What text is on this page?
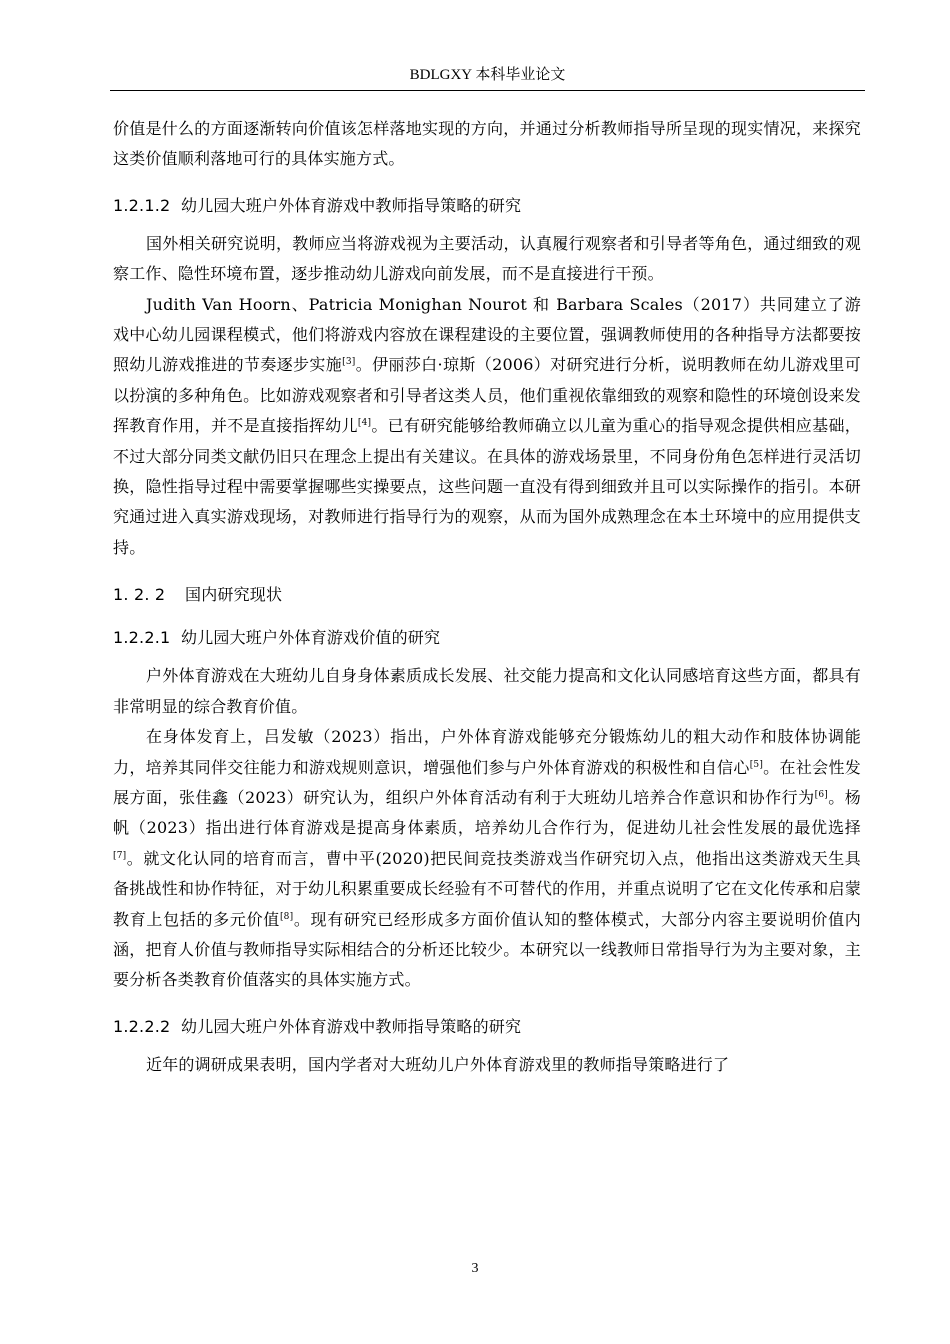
BDLGXY 本科毕业论文

价值是什么的方面逐渐转向价值该怎样落地实现的方向，并通过分析教师指导所呈现的现实情况，来探究这类价值顺利落地可行的具体实施方式。

1.2.1.2 幼儿园大班户外体育游戏中教师指导策略的研究

国外相关研究说明，教师应当将游戏视为主要活动，认真履行观察者和引导者等角色，通过细致的观察工作、隐性环境布置，逐步推动幼儿游戏向前发展，而不是直接进行干预。

Judith Van Hoorn、Patricia Monighan Nourot 和 Barbara Scales（2017）共同建立了游戏中心幼儿园课程模式，他们将游戏内容放在课程建设的主要位置，强调教师使用的各种指导方法都要按照幼儿游戏推进的节奏逐步实施[3]。伊丽莎白·琼斯（2006）对研究进行分析，说明教师在幼儿游戏里可以扮演的多种角色。比如游戏观察者和引导者这类人员，他们重视依靠细致的观察和隐性的环境创设来发挥教育作用，并不是直接指挥幼儿[4]。已有研究能够给教师确立以儿童为重心的指导观念提供相应基础，不过大部分同类文献仍旧只在理念上提出有关建议。在具体的游戏场景里，不同身份角色怎样进行灵活切换，隐性指导过程中需要掌握哪些实操要点，这些问题一直没有得到细致并且可以实际操作的指引。本研究通过进入真实游戏现场，对教师进行指导行为的观察，从而为国外成熟理念在本土环境中的应用提供支持。

1. 2. 2 国内研究现状
1.2.2.1 幼儿园大班户外体育游戏价值的研究

户外体育游戏在大班幼儿自身身体素质成长发展、社交能力提高和文化认同感培育这些方面，都具有非常明显的综合教育价值。

在身体发育上，吕发敏（2023）指出，户外体育游戏能够充分锻炼幼儿的粗大动作和肢体协调能力，培养其同伴交往能力和游戏规则意识，增强他们参与户外体育游戏的积极性和自信心[5]。在社会性发展方面，张佳鑫（2023）研究认为，组织户外体育活动有利于大班幼儿培养合作意识和协作行为[6]。杨帆（2023）指出进行体育游戏是提高身体素质，培养幼儿合作行为，促进幼儿社会性发展的最优选择[7]。就文化认同的培育而言，曹中平(2020)把民间竞技类游戏当作研究切入点，他指出这类游戏天生具备挑战性和协作特征，对于幼儿积累重要成长经验有不可替代的作用，并重点说明了它在文化传承和启蒙教育上包括的多元价值[8]。现有研究已经形成多方面价值认知的整体模式，大部分内容主要说明价值内涵，把育人价值与教师指导实际相结合的分析还比较少。本研究以一线教师日常指导行为为主要对象，主要分析各类教育价值落实的具体实施方式。

1.2.2.2 幼儿园大班户外体育游戏中教师指导策略的研究

近年的调研成果表明，国内学者对大班幼儿户外体育游戏里的教师指导策略进行了

3
